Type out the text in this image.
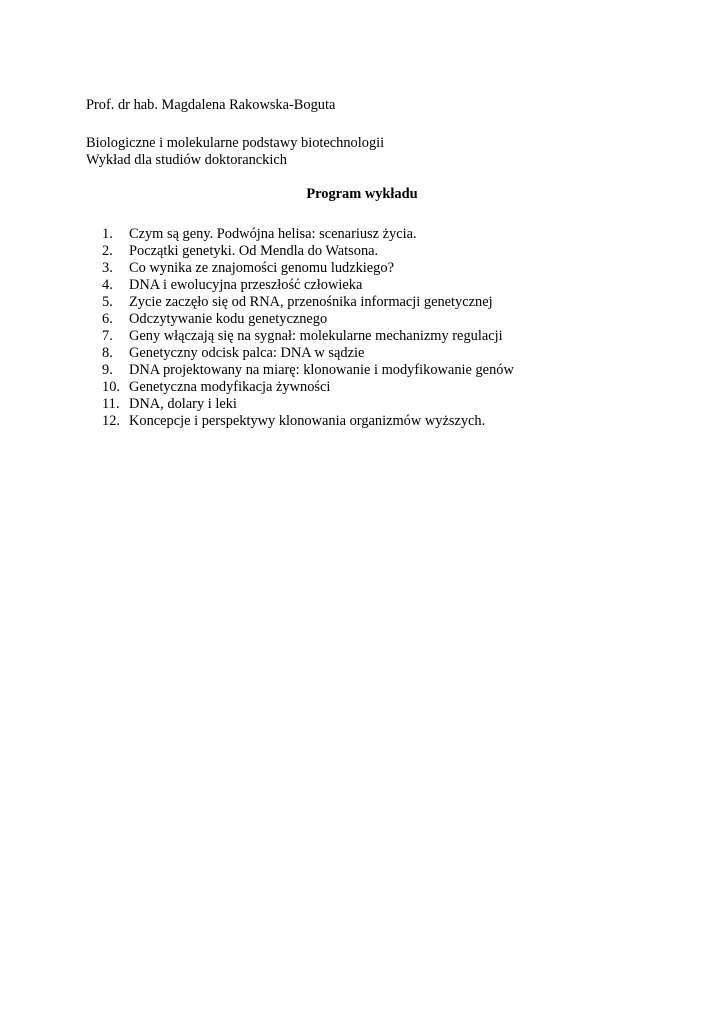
Prof. dr hab. Magdalena Rakowska-Boguta
Biologiczne i molekularne podstawy biotechnologii
Wykład dla studiów doktoranckich
Program wykładu
1.	Czym są geny. Podwójna helisa: scenariusz życia.
2.	Początki genetyki. Od Mendla do Watsona.
3.	Co wynika ze znajomości genomu ludzkiego?
4.	DNA i ewolucyjna przeszłość człowieka
5.	Zycie zaczęło się od RNA, przenośnika informacji genetycznej
6.	Odczytywanie kodu genetycznego
7.	Geny włączają się na sygnał: molekularne mechanizmy regulacji
8.	Genetyczny odcisk palca: DNA w sądzie
9.	DNA projektowany na miarę: klonowanie i modyfikowanie genów
10. Genetyczna modyfikacja żywności
11. DNA, dolary i leki
12. Koncepcje i perspektywy klonowania organizmów wyższych.
